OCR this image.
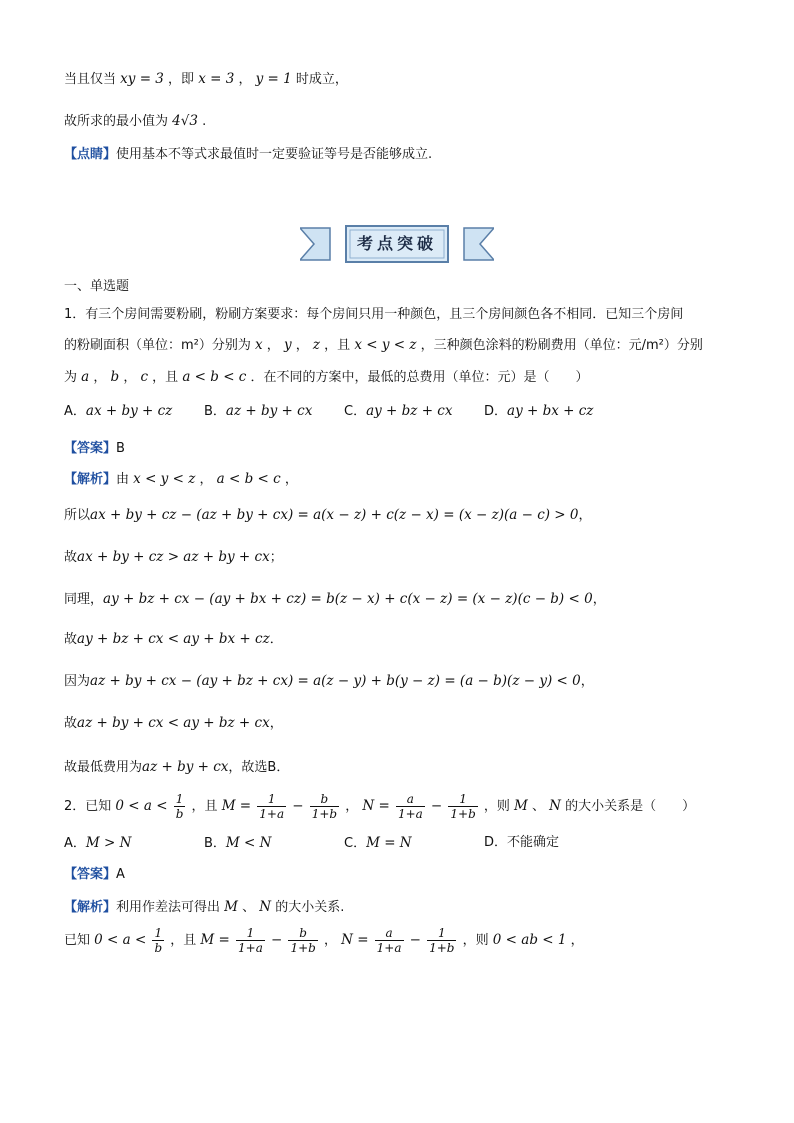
当且仅当 xy = 3 ，即 x = 3 ， y = 1 时成立，
故所求的最小值为 4√3 .
【点睛】使用基本不等式求最值时一定要验证等号是否能够成立.
考点突破
一、单选题
1．有三个房间需要粉刷，粉刷方案要求：每个房间只用一种颜色，且三个房间颜色各不相同．已知三个房间
的粉刷面积（单位：m²）分别为 x ， y ， z ，且 x < y < z ，三种颜色涂料的粉刷费用（单位：元/m²）分别
为 a ， b ， c ，且 a < b < c ．在不同的方案中，最低的总费用（单位：元）是（　　）
A．ax + by + cz B．az + by + cx C．ay + bz + cx D．ay + bx + cz
【答案】B
【解析】由 x < y < z ， a < b < c ，
所以ax + by + cz − (az + by + cx) = a(x − z) + c(z − x) = (x − z)(a − c) > 0，
故ax + by + cz > az + by + cx；
同理，ay + bz + cx − (ay + bx + cz) = b(z − x) + c(x − z) = (x − z)(c − b) < 0，
故ay + bz + cx < ay + bx + cz．
因为az + by + cx − (ay + bz + cx) = a(z − y) + b(y − z) = (a − b)(z − y) < 0，
故az + by + cx < ay + bz + cx，
故最低费用为az + by + cx，故选B．
2．已知 $0 < a < \frac{1}{b}$ ，且 $M = \frac{1}{1+a} - \frac{b}{1+b}$ ， $N = \frac{a}{1+a} - \frac{1}{1+b}$ ，则 M 、 N 的大小关系是（　　）
A．M > N	B．M < N	C．M = N	D．不能确定
【答案】A
【解析】利用作差法可得出 M 、 N 的大小关系.
已知 $0 < a < \frac{1}{b}$ ，且 $M = \frac{1}{1+a} - \frac{b}{1+b}$ ， $N = \frac{a}{1+a} - \frac{1}{1+b}$ ，则 0 < ab < 1 ，
